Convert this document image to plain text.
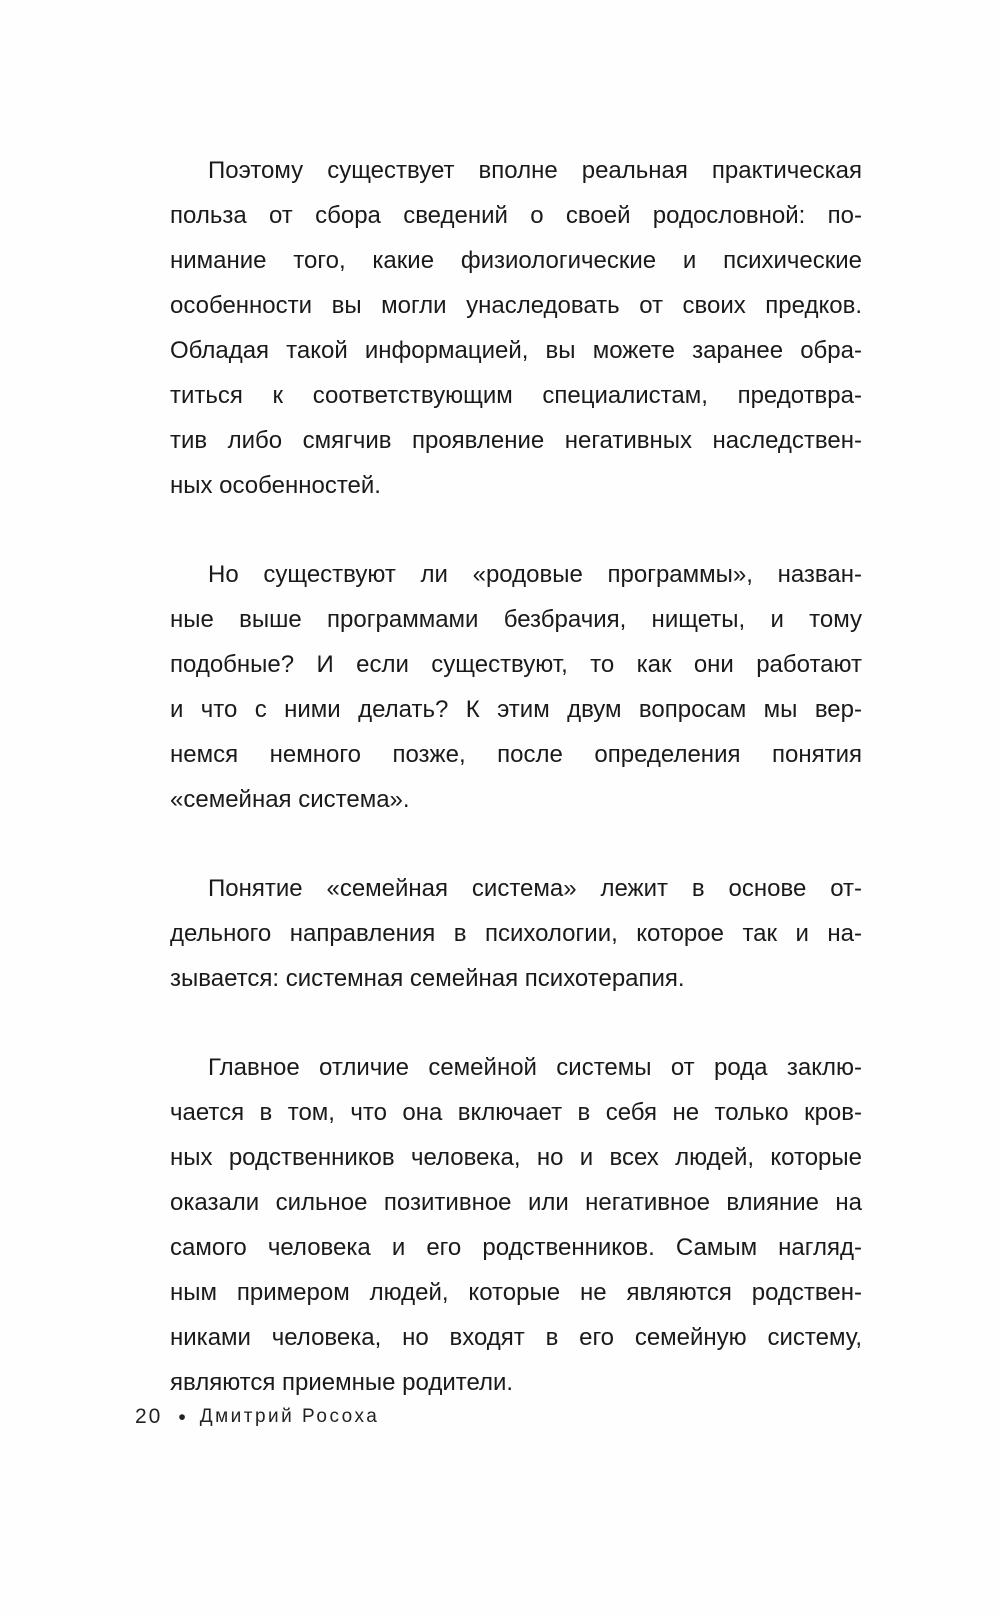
Поэтому существует вполне реальная практическая
польза от сбора сведений о своей родословной: по-
нимание того, какие физиологические и психические
особенности вы могли унаследовать от своих предков.
Обладая такой информацией, вы можете заранее обра-
титься к соответствующим специалистам, предотвра-
тив либо смягчив проявление негативных наследствен-
ных особенностей.
Но существуют ли «родовые программы», назван-
ные выше программами безбрачия, нищеты, и тому
подобные? И если существуют, то как они работают
и что с ними делать? К этим двум вопросам мы вер-
немся немного позже, после определения понятия
«семейная система».
Понятие «семейная система» лежит в основе от-
дельного направления в психологии, которое так и на-
зывается: системная семейная психотерапия.
Главное отличие семейной системы от рода заклю-
чается в том, что она включает в себя не только кров-
ных родственников человека, но и всех людей, которые
оказали сильное позитивное или негативное влияние на
самого человека и его родственников. Самым нагляд-
ным примером людей, которые не являются родствен-
никами человека, но входят в его семейную систему,
являются приемные родители.
20 • Дмитрий Росоха
